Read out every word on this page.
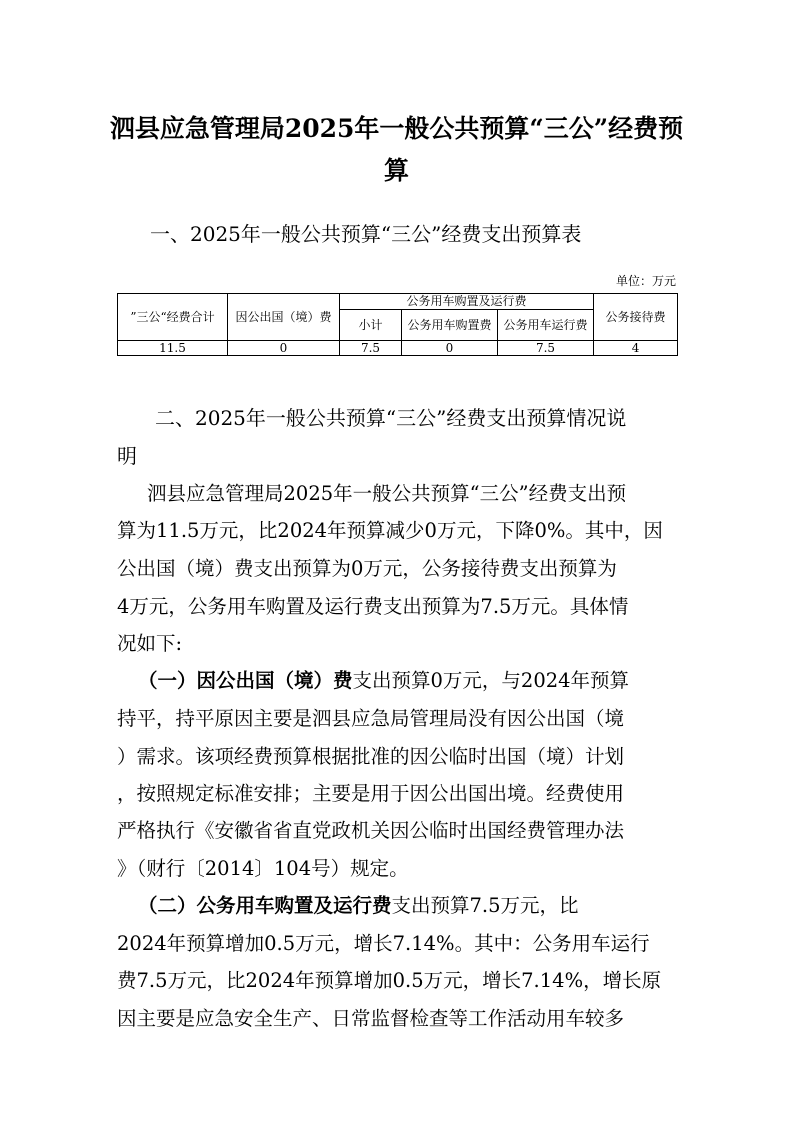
泗县应急管理局2025年一般公共预算“三公”经费预
算
一、2025年一般公共预算“三公”经费支出预算表
单位：万元
”三公“经费合计	因公出国（境）费	公务用车购置及运行费			公务接待费
		小计	公务用车购置费	公务用车运行费	
11.5	0	7.5	0	7.5	4
二、2025年一般公共预算“三公”经费支出预算情况说
明
泗县应急管理局2025年一般公共预算“三公”经费支出预
算为11.5万元，比2024年预算减少0万元，下降0%。其中，因
公出国（境）费支出预算为0万元，公务接待费支出预算为
4万元，公务用车购置及运行费支出预算为7.5万元。具体情
况如下:
（一）因公出国（境）费支出预算0万元，与2024年预算
持平，持平原因主要是泗县应急局管理局没有因公出国（境
）需求。该项经费预算根据批准的因公临时出国（境）计划
，按照规定标准安排；主要是用于因公出国出境。经费使用
严格执行《安徽省省直党政机关因公临时出国经费管理办法
》（财行〔2014〕104号）规定。
（二）公务用车购置及运行费支出预算7.5万元，比
2024年预算增加0.5万元，增长7.14%。其中：公务用车运行
费7.5万元，比2024年预算增加0.5万元，增长7.14%，增长原
因主要是应急安全生产、日常监督检查等工作活动用车较多
